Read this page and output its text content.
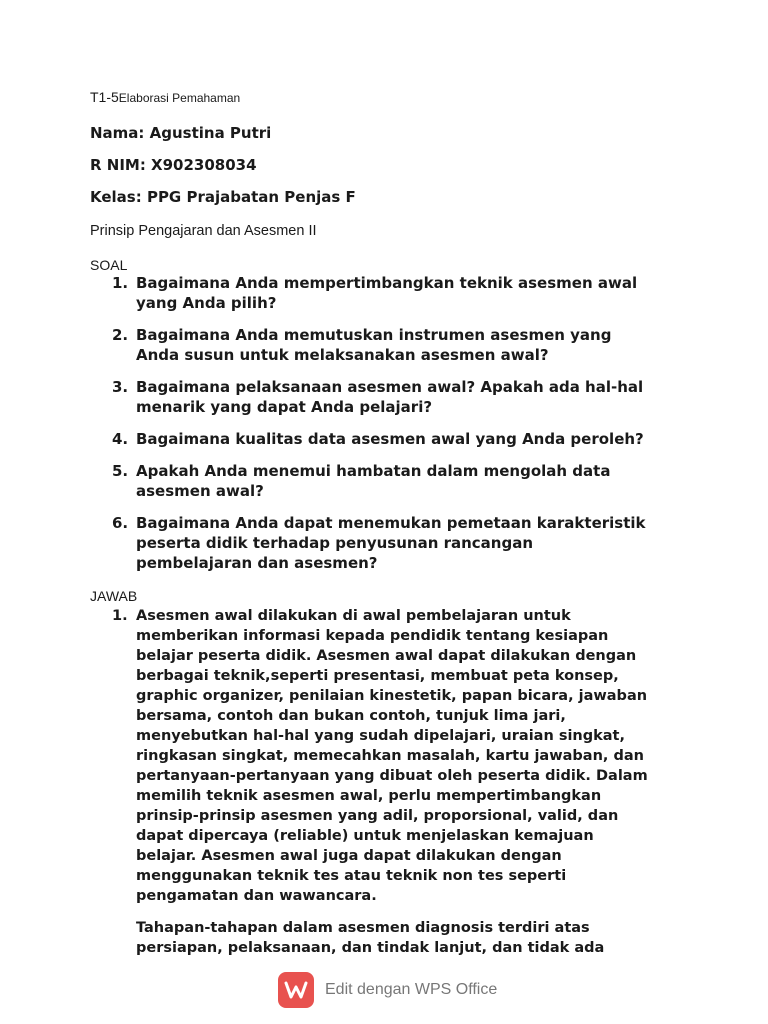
T1-5Elaborasi Pemahaman
Nama: Agustina Putri
R NIM: X902308034
Kelas: PPG Prajabatan Penjas F
Prinsip Pengajaran dan Asesmen II
SOAL
1. Bagaimana Anda mempertimbangkan teknik asesmen awal yang Anda pilih?
2. Bagaimana Anda memutuskan instrumen asesmen yang Anda susun untuk melaksanakan asesmen awal?
3. Bagaimana pelaksanaan asesmen awal? Apakah ada hal-hal menarik yang dapat Anda pelajari?
4. Bagaimana kualitas data asesmen awal yang Anda peroleh?
5. Apakah Anda menemui hambatan dalam mengolah data asesmen awal?
6. Bagaimana Anda dapat menemukan pemetaan karakteristik peserta didik terhadap penyusunan rancangan pembelajaran dan asesmen?
JAWAB
1. Asesmen awal dilakukan di awal pembelajaran untuk memberikan informasi kepada pendidik tentang kesiapan belajar peserta didik. Asesmen awal dapat dilakukan dengan berbagai teknik,seperti presentasi, membuat peta konsep, graphic organizer, penilaian kinestetik, papan bicara, jawaban bersama, contoh dan bukan contoh, tunjuk lima jari, menyebutkan hal-hal yang sudah dipelajari, uraian singkat, ringkasan singkat, memecahkan masalah, kartu jawaban, dan pertanyaan-pertanyaan yang dibuat oleh peserta didik. Dalam memilih teknik asesmen awal, perlu mempertimbangkan prinsip-prinsip asesmen yang adil, proporsional, valid, dan dapat dipercaya (reliable) untuk menjelaskan kemajuan belajar. Asesmen awal juga dapat dilakukan dengan menggunakan teknik tes atau teknik non tes seperti pengamatan dan wawancara.
Tahapan-tahapan dalam asesmen diagnosis terdiri atas persiapan, pelaksanaan, dan tindak lanjut, dan tidak ada
Edit dengan WPS Office
